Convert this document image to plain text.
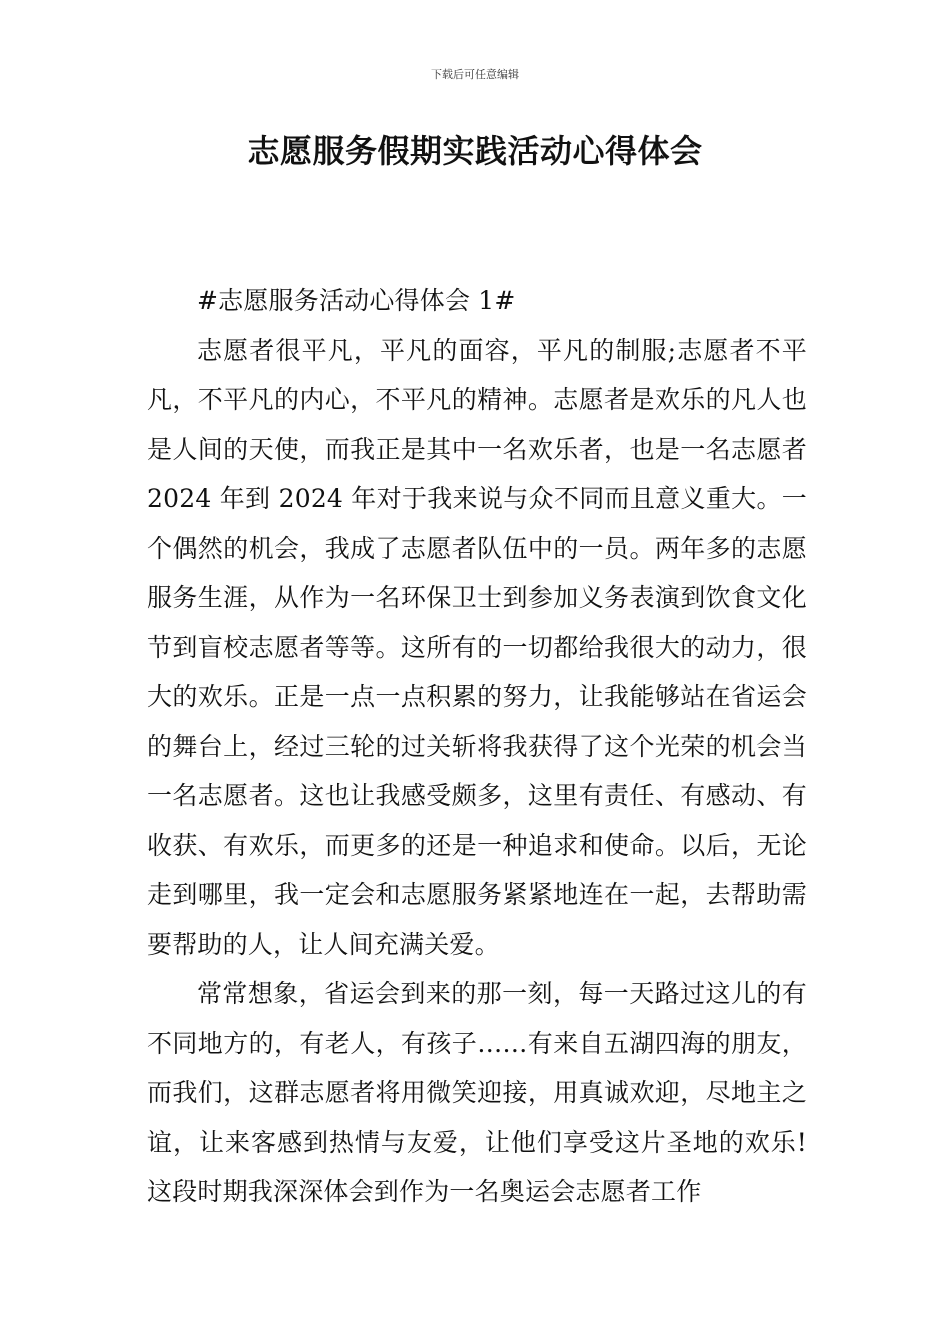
下载后可任意编辑
志愿服务假期实践活动心得体会

#志愿服务活动心得体会 1#

志愿者很平凡，平凡的面容，平凡的制服;志愿者不平凡，不平凡的内心，不平凡的精神。志愿者是欢乐的凡人也是人间的天使，而我正是其中一名欢乐者，也是一名志愿者 2024 年到 2024 年对于我来说与众不同而且意义重大。一个偶然的机会，我成了志愿者队伍中的一员。两年多的志愿服务生涯，从作为一名环保卫士到参加义务表演到饮食文化节到盲校志愿者等等。这所有的一切都给我很大的动力，很大的欢乐。正是一点一点积累的努力，让我能够站在省运会的舞台上，经过三轮的过关斩将我获得了这个光荣的机会当一名志愿者。这也让我感受颇多，这里有责任、有感动、有收获、有欢乐，而更多的还是一种追求和使命。以后，无论走到哪里，我一定会和志愿服务紧紧地连在一起，去帮助需要帮助的人，让人间充满关爱。

常常想象，省运会到来的那一刻，每一天路过这儿的有不同地方的，有老人，有孩子……有来自五湖四海的朋友，而我们，这群志愿者将用微笑迎接，用真诚欢迎，尽地主之谊，让来客感到热情与友爱，让他们享受这片圣地的欢乐!这段时期我深深体会到作为一名奥运会志愿者工作
